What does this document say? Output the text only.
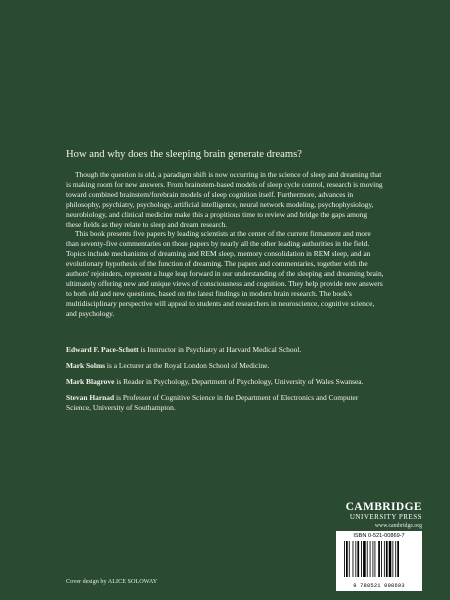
How and why does the sleeping brain generate dreams?

Though the question is old, a paradigm shift is now occurring in the science of sleep and dreaming that is making room for new answers. From brainstem-based models of sleep cycle control, research is moving toward combined brainstem/forebrain models of sleep cognition itself. Furthermore, advances in philosophy, psychiatry, psychology, artificial intelligence, neural network modeling, psychophysiology, neurobiology, and clinical medicine make this a propitious time to review and bridge the gaps among these fields as they relate to sleep and dream research.

This book presents five papers by leading scientists at the center of the current firmament and more than seventy-five commentaries on those papers by nearly all the other leading authorities in the field. Topics include mechanisms of dreaming and REM sleep, memory consolidation in REM sleep, and an evolutionary hypothesis of the function of dreaming. The papers and commentaries, together with the authors' rejoinders, represent a huge leap forward in our understanding of the sleeping and dreaming brain, ultimately offering new and unique views of consciousness and cognition. They help provide new answers to both old and new questions, based on the latest findings in modern brain research. The book's multidisciplinary perspective will appeal to students and researchers in neuroscience, cognitive science, and psychology.

Edward F. Pace-Schott is Instructor in Psychiatry at Harvard Medical School.

Mark Solms is a Lecturer at the Royal London School of Medicine.

Mark Blagrove is Reader in Psychology, Department of Psychology, University of Wales Swansea.

Stevan Harnad is Professor of Cognitive Science in the Department of Electronics and Computer Science, University of Southampton.

CAMBRIDGE
UNIVERSITY PRESS
www.cambridge.org
ISBN 0-521-00869-7
9 780521 008693
Cover design by ALICE SOLOWAY
